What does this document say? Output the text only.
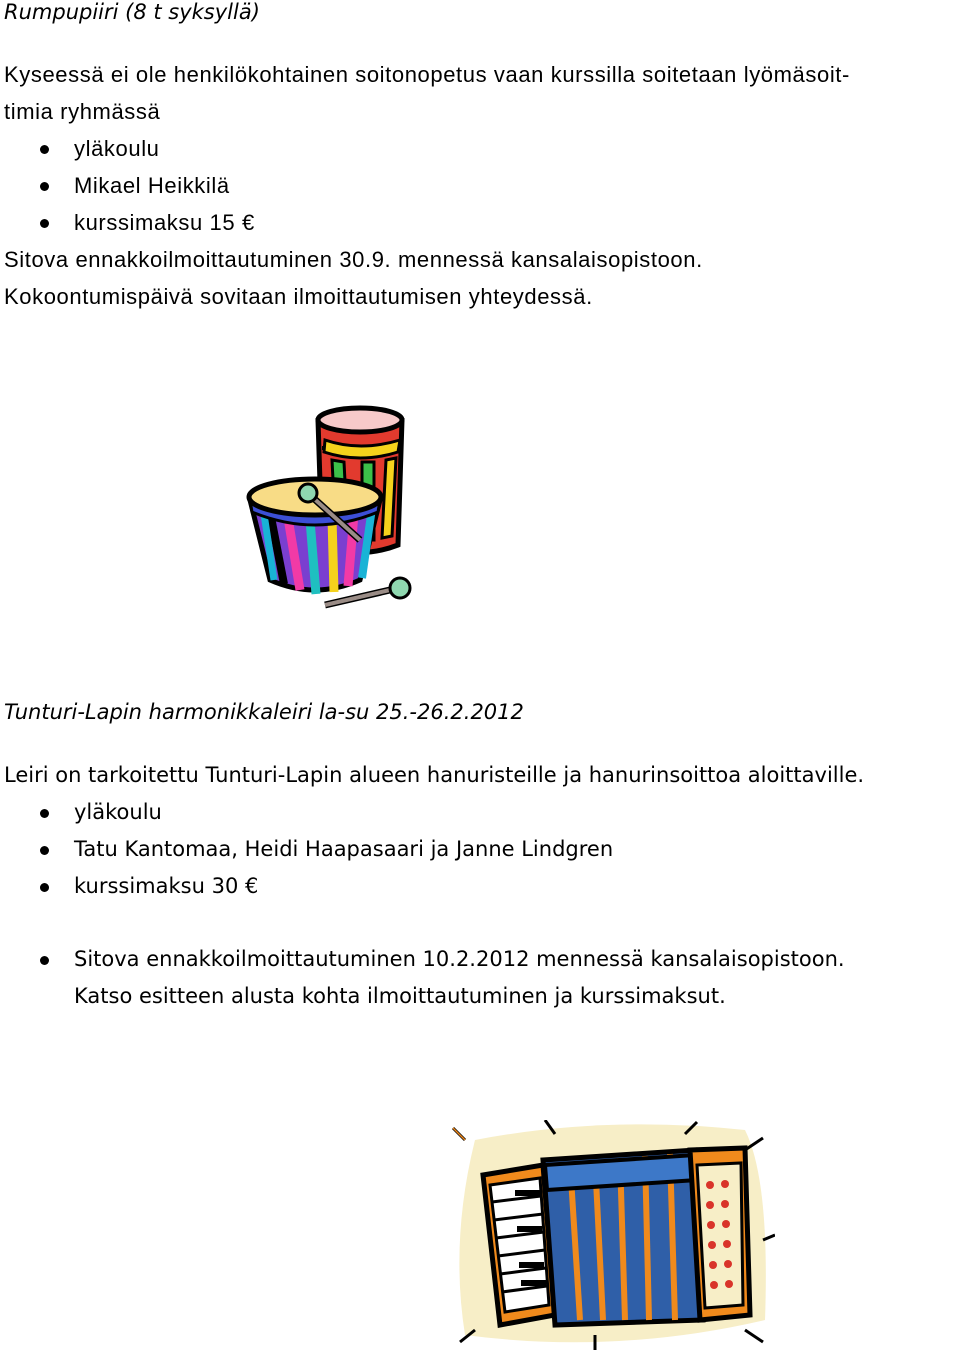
Rumpupiiri (8 t syksyllä)
Kyseessä ei ole henkilökohtainen soitonopetus vaan kurssilla soitetaan lyömäsoit-
timia ryhmässä
yläkoulu
Mikael Heikkilä
kurssimaksu 15 €
Sitova ennakkoilmoittautuminen 30.9. mennessä kansalaisopistoon.
Kokoontumispäivä sovitaan ilmoittautumisen yhteydessä.
Tunturi-Lapin harmonikkaleiri la-su 25.-26.2.2012
Leiri on tarkoitettu Tunturi-Lapin alueen hanuristeille ja hanurinsoittoa aloittaville.
yläkoulu
Tatu Kantomaa, Heidi Haapasaari ja Janne Lindgren
kurssimaksu 30 €
Sitova ennakkoilmoittautuminen 10.2.2012 mennessä kansalaisopistoon.
Katso esitteen alusta kohta ilmoittautuminen ja kurssimaksut.
